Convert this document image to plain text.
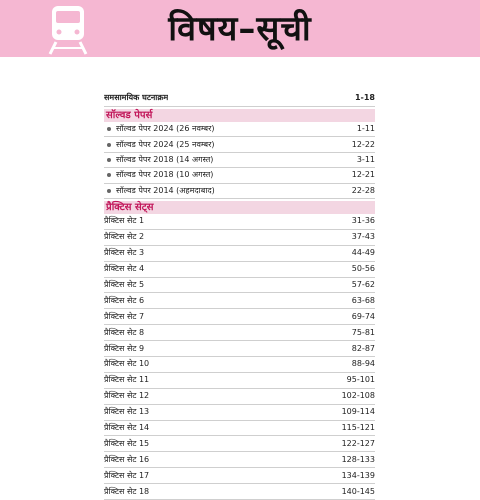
विषय–सूची
समसामयिक घटनाक्रम	1-18
सॉल्वड पेपर्स
सॉल्वड पेपर 2024 (26 नवम्बर)	1-11
सॉल्वड पेपर 2024 (25 नवम्बर)	12-22
सॉल्वड पेपर 2018 (14 अगस्त)	3-11
सॉल्वड पेपर 2018 (10 अगस्त)	12-21
सॉल्वड पेपर 2014 (अहमदाबाद)	22-28
प्रैक्टिस सेट्स
प्रैक्टिस सेट 1	31-36
प्रैक्टिस सेट 2	37-43
प्रैक्टिस सेट 3	44-49
प्रैक्टिस सेट 4	50-56
प्रैक्टिस सेट 5	57-62
प्रैक्टिस सेट 6	63-68
प्रैक्टिस सेट 7	69-74
प्रैक्टिस सेट 8	75-81
प्रैक्टिस सेट 9	82-87
प्रैक्टिस सेट 10	88-94
प्रैक्टिस सेट 11	95-101
प्रैक्टिस सेट 12	102-108
प्रैक्टिस सेट 13	109-114
प्रैक्टिस सेट 14	115-121
प्रैक्टिस सेट 15	122-127
प्रैक्टिस सेट 16	128-133
प्रैक्टिस सेट 17	134-139
प्रैक्टिस सेट 18	140-145
